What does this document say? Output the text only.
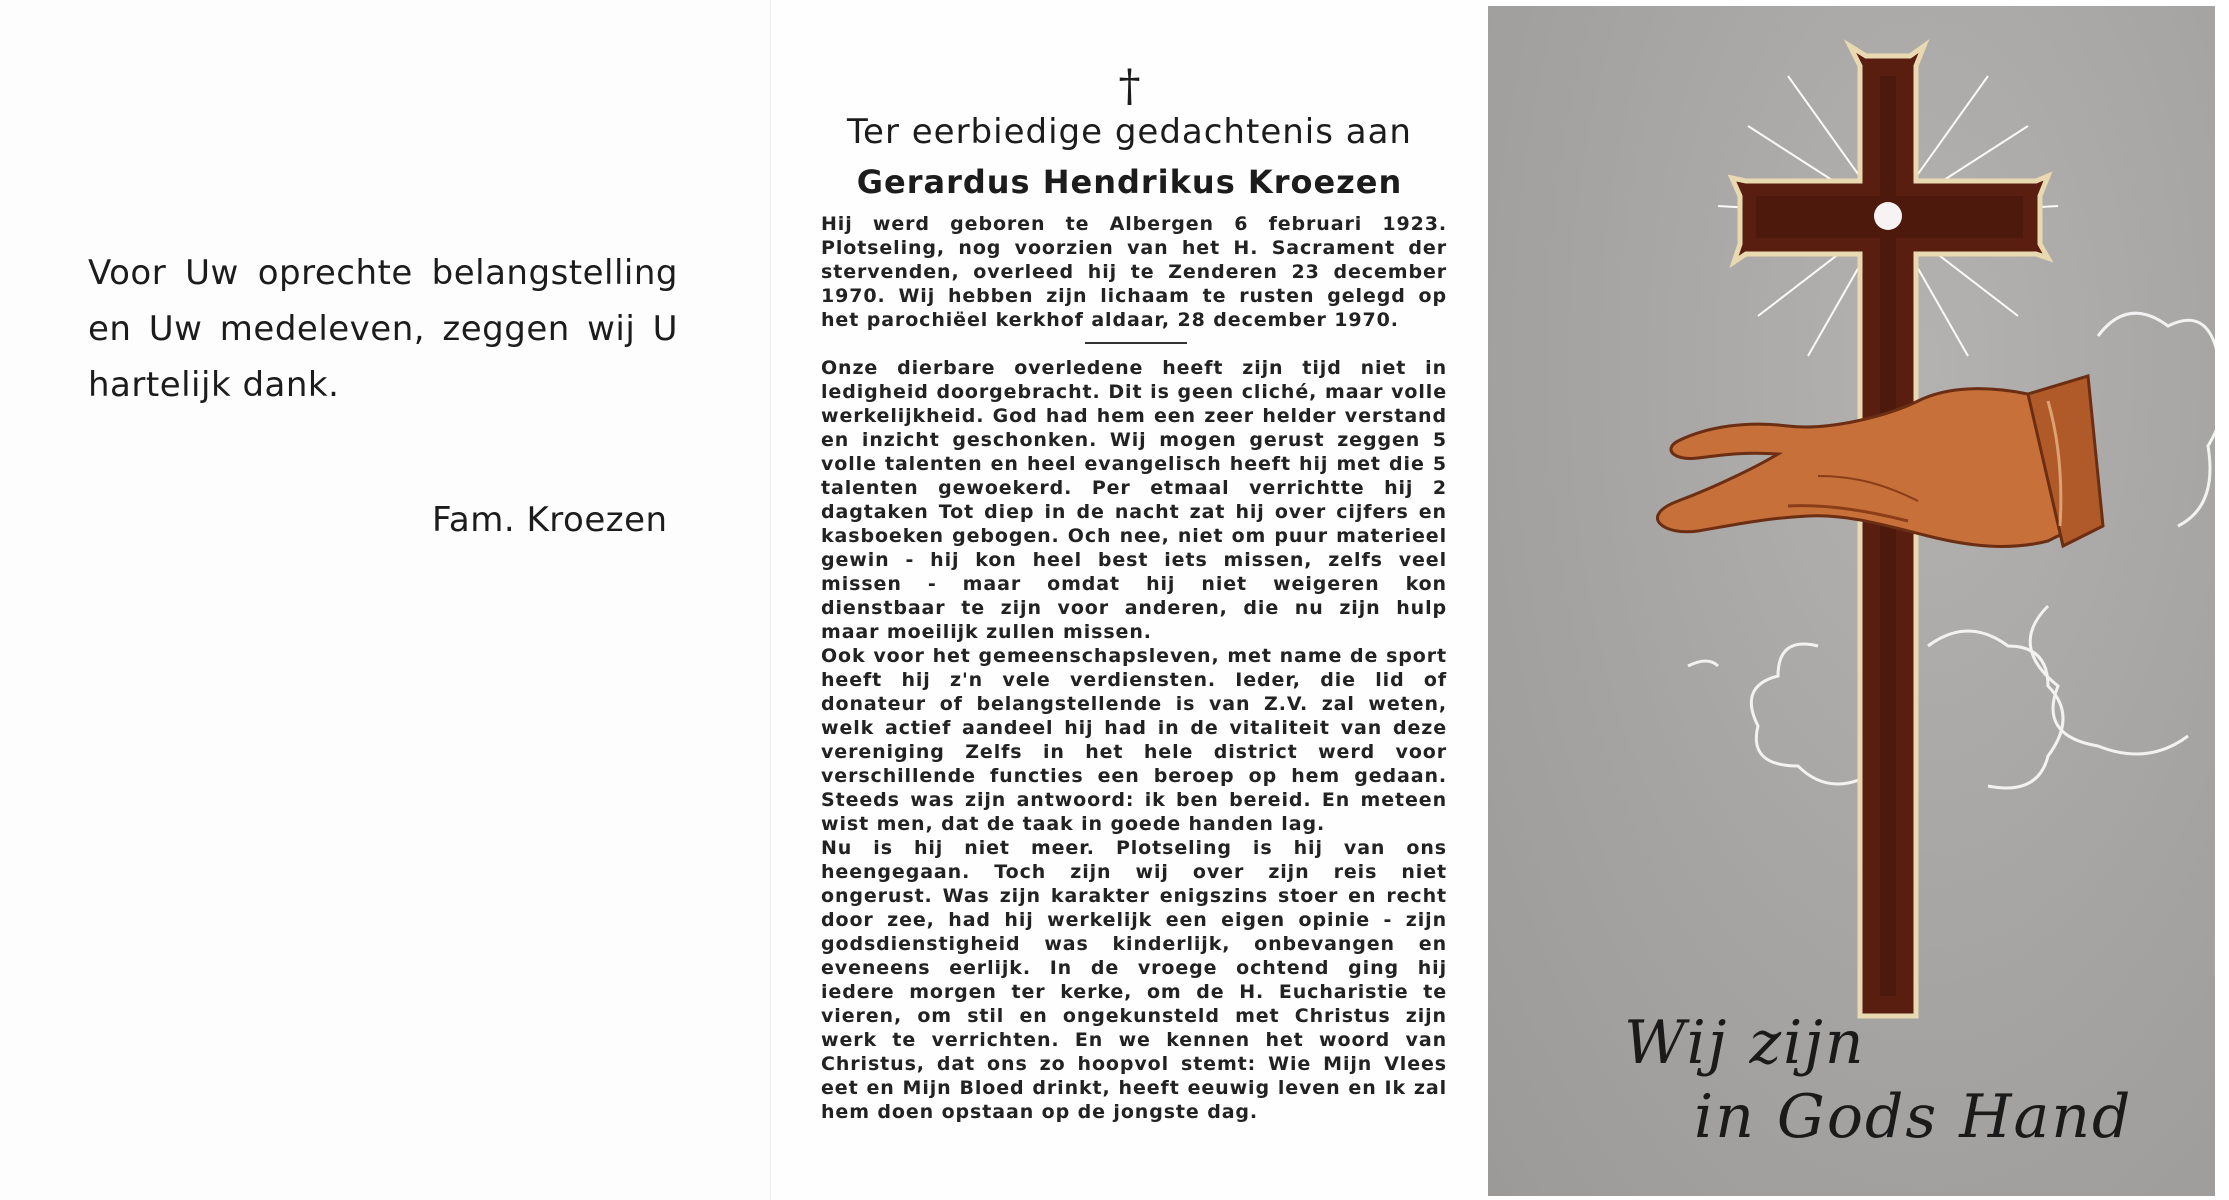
Voor Uw oprechte belangstelling en Uw medeleven, zeggen wij U hartelijk dank.

Fam. Kroezen

†

Ter eerbiedige gedachtenis aan

Gerardus Hendrikus Kroezen

Hij werd geboren te Albergen 6 februari 1923. Plotseling, nog voorzien van het H. Sacrament der stervenden, overleed hij te Zenderen 23 december 1970. Wij hebben zijn lichaam te rusten gelegd op het parochiëel kerkhof aldaar, 28 december 1970.

Onze dierbare overledene heeft zijn tijd niet in ledigheid doorgebracht. Dit is geen cliché, maar volle werkelijkheid. God had hem een zeer helder verstand en inzicht geschonken. Wij mogen gerust zeggen 5 volle talenten en heel evangelisch heeft hij met die 5 talenten gewoekerd. Per etmaal verrichtte hij 2 dagtaken Tot diep in de nacht zat hij over cijfers en kasboeken gebogen. Och nee, niet om puur materieel gewin - hij kon heel best iets missen, zelfs veel missen - maar omdat hij niet weigeren kon dienstbaar te zijn voor anderen, die nu zijn hulp maar moeilijk zullen missen.

Ook voor het gemeenschapsleven, met name de sport heeft hij z'n vele verdiensten. Ieder, die lid of donateur of belangstellende is van Z.V. zal weten, welk actief aandeel hij had in de vitaliteit van deze vereniging Zelfs in het hele district werd voor verschillende functies een beroep op hem gedaan. Steeds was zijn antwoord: ik ben bereid. En meteen wist men, dat de taak in goede handen lag.

Nu is hij niet meer. Plotseling is hij van ons heengegaan. Toch zijn wij over zijn reis niet ongerust. Was zijn karakter enigszins stoer en recht door zee, had hij werkelijk een eigen opinie - zijn godsdienstigheid was kinderlijk, onbevangen en eveneens eerlijk. In de vroege ochtend ging hij iedere morgen ter kerke, om de H. Eucharistie te vieren, om stil en ongekunsteld met Christus zijn werk te verrichten. En we kennen het woord van Christus, dat ons zo hoopvol stemt: Wie Mijn Vlees eet en Mijn Bloed drinkt, heeft eeuwig leven en Ik zal hem doen opstaan op de jongste dag.

Wij zijn

in Gods Hand
